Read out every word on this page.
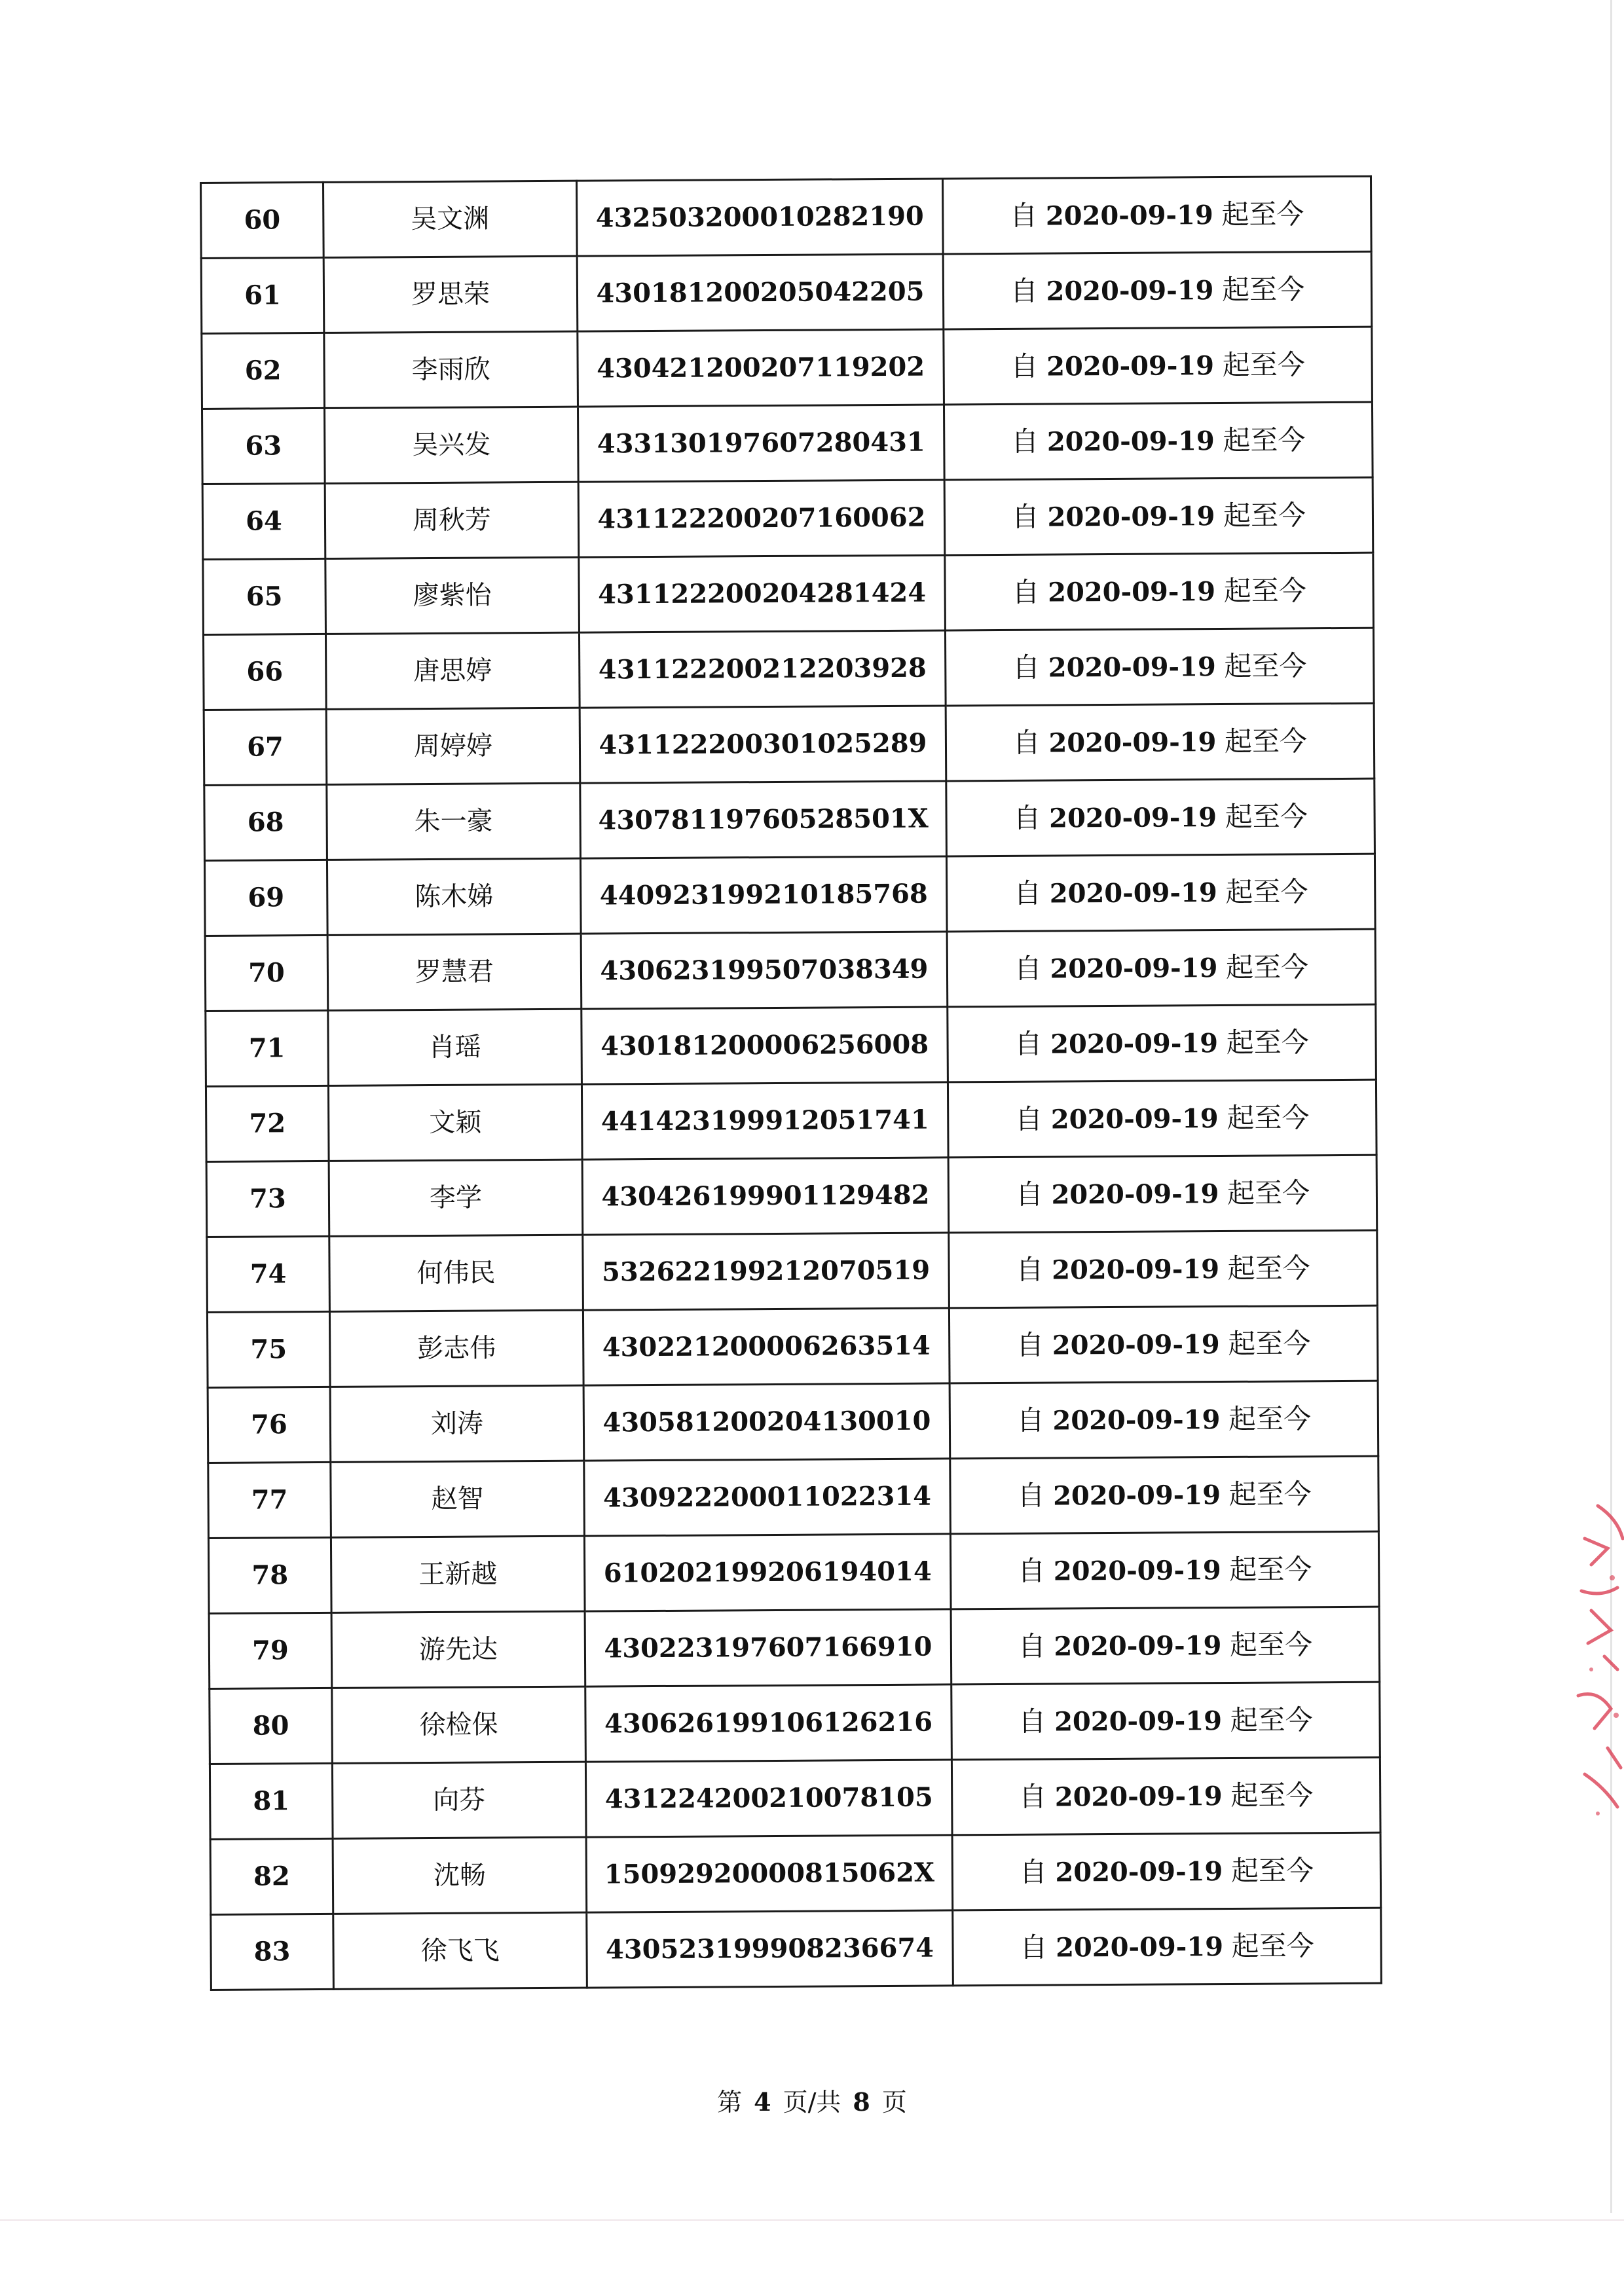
60	吴文渊	432503200010282190	自 2020-09-19 起至今
61	罗思荣	430181200205042205	自 2020-09-19 起至今
62	李雨欣	430421200207119202	自 2020-09-19 起至今
63	吴兴发	433130197607280431	自 2020-09-19 起至今
64	周秋芳	431122200207160062	自 2020-09-19 起至今
65	廖紫怡	431122200204281424	自 2020-09-19 起至今
66	唐思婷	431122200212203928	自 2020-09-19 起至今
67	周婷婷	431122200301025289	自 2020-09-19 起至今
68	朱一豪	43078119760528501X	自 2020-09-19 起至今
69	陈木娣	440923199210185768	自 2020-09-19 起至今
70	罗慧君	430623199507038349	自 2020-09-19 起至今
71	肖瑶	430181200006256008	自 2020-09-19 起至今
72	文颖	441423199912051741	自 2020-09-19 起至今
73	李学	430426199901129482	自 2020-09-19 起至今
74	何伟民	532622199212070519	自 2020-09-19 起至今
75	彭志伟	430221200006263514	自 2020-09-19 起至今
76	刘涛	430581200204130010	自 2020-09-19 起至今
77	赵智	430922200011022314	自 2020-09-19 起至今
78	王新越	610202199206194014	自 2020-09-19 起至今
79	游先达	430223197607166910	自 2020-09-19 起至今
80	徐检保	430626199106126216	自 2020-09-19 起至今
81	向芬	431224200210078105	自 2020-09-19 起至今
82	沈畅	15092920000815062X	自 2020-09-19 起至今
83	徐飞飞	430523199908236674	自 2020-09-19 起至今
第 4 页/共 8 页
